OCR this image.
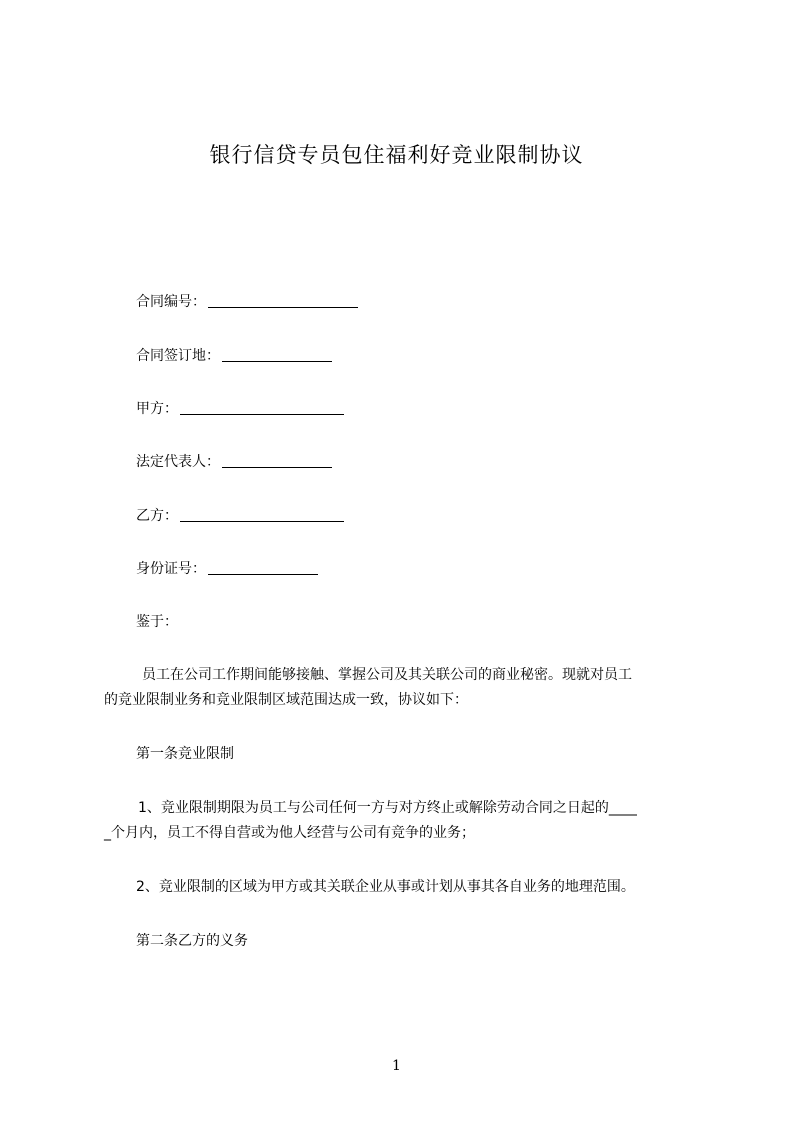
银行信贷专员包住福利好竞业限制协议
合同编号：
合同签订地：
甲方：
法定代表人：
乙方：
身份证号：
鉴于：
员工在公司工作期间能够接触、掌握公司及其关联公司的商业秘密。现就对员工
的竞业限制业务和竞业限制区域范围达成一致，协议如下：
第一条竞业限制
1、竞业限制期限为员工与公司任何一方与对方终止或解除劳动合同之日起的____
_个月内，员工不得自营或为他人经营与公司有竞争的业务；
2、竞业限制的区域为甲方或其关联企业从事或计划从事其各自业务的地理范围。
第二条乙方的义务
1
